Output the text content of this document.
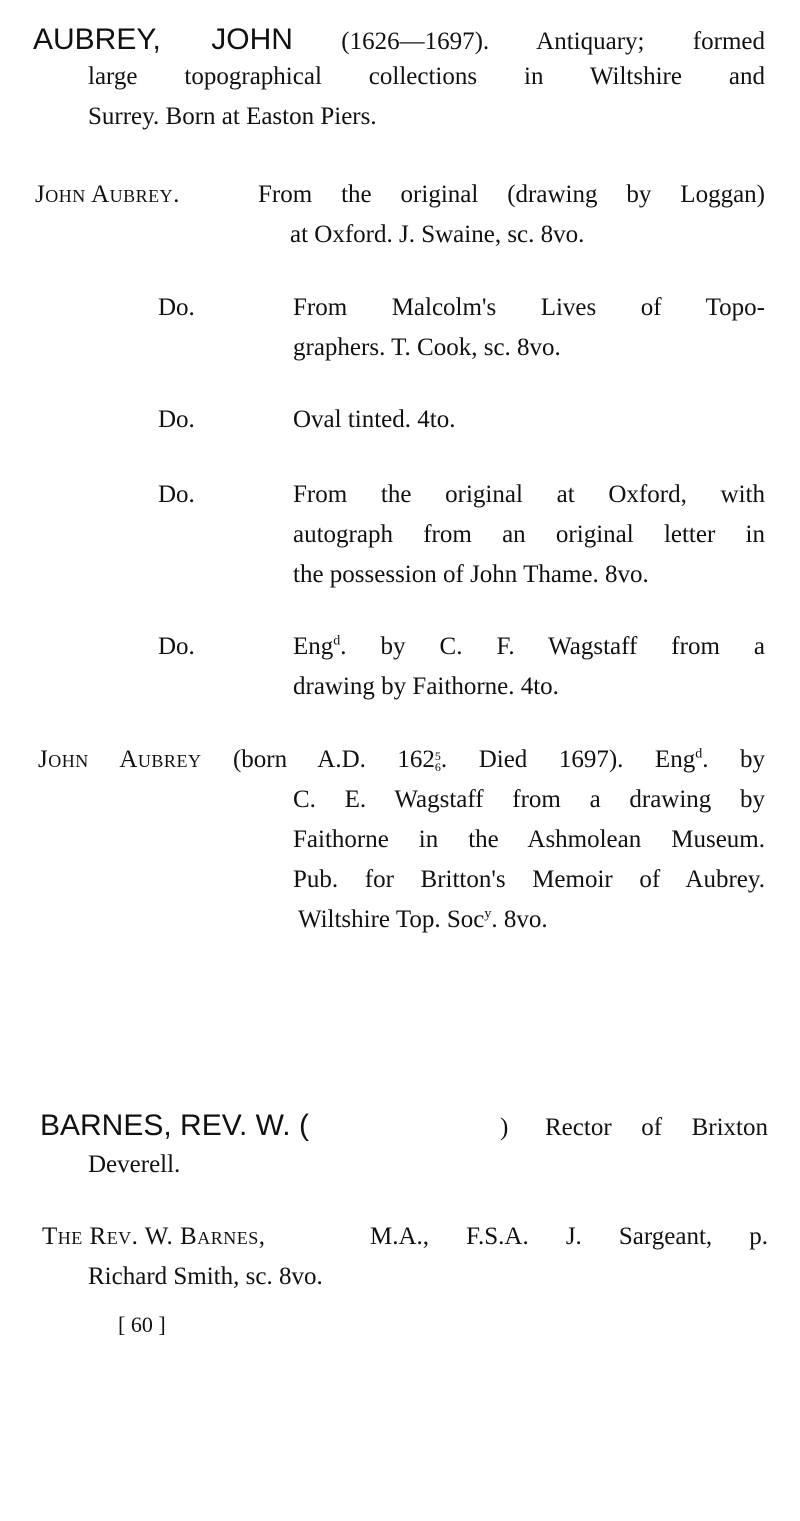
AUBREY, JOHN (1626—1697). Antiquary; formed
large topographical collections in Wiltshire and
Surrey. Born at Easton Piers.
John Aubrey.	From the original (drawing by Loggan)
at Oxford. J. Swaine, sc. 8vo.
Do.	From Malcolm's Lives of Topo-
graphers. T. Cook, sc. 8vo.
Do.	Oval tinted. 4to.
Do.	From the original at Oxford, with
autograph from an original letter in
the possession of John Thame. 8vo.
Do.	Eng$^d$. by C. F. Wagstaff from a
drawing by Faithorne. 4to.
John Aubrey (born A.D. 162 5
6 . Died 1697). Eng$^d$. by
C. E. Wagstaff from a drawing by
Faithorne in the Ashmolean Museum.
Pub. for Britton's Memoir of Aubrey.
Wiltshire Top. Soc$^y$. 8vo.
BARNES, REV. W. (	) Rector of Brixton
Deverell.
The Rev. W. Barnes,	M.A., F.S.A. J. Sargeant, p.
Richard Smith, sc. 8vo.
[ 60 ]
